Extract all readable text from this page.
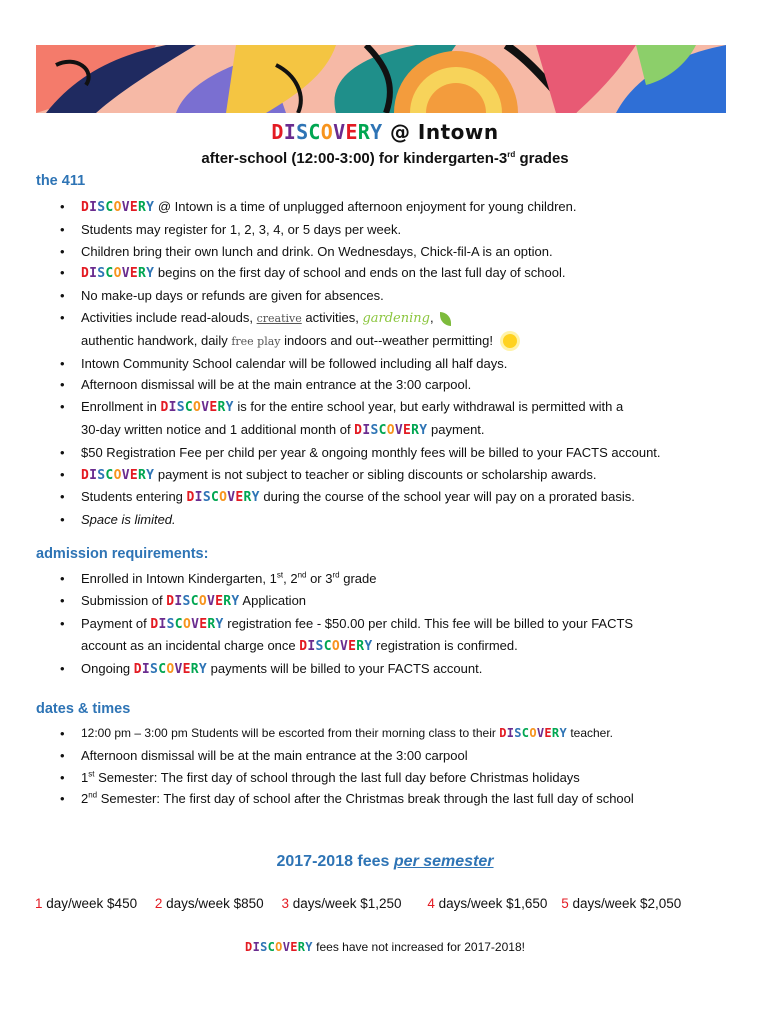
DISCOVERY @ Intown
after-school (12:00-3:00) for kindergarten-3rd grades
the 411
• DISCOVERY @ Intown is a time of unplugged afternoon enjoyment for young children.
• Students may register for 1, 2, 3, 4, or 5 days per week.
• Children bring their own lunch and drink. On Wednesdays, Chick-fil-A is an option.
• DISCOVERY begins on the first day of school and ends on the last full day of school.
• No make-up days or refunds are given for absences.
• Activities include read-alouds, creative activities, gardening,
authentic handwork, daily free play indoors and out--weather permitting!
• Intown Community School calendar will be followed including all half days.
• Afternoon dismissal will be at the main entrance at the 3:00 carpool.
• Enrollment in DISCOVERY is for the entire school year, but early withdrawal is permitted with a
30-day written notice and 1 additional month of DISCOVERY payment.
• $50 Registration Fee per child per year & ongoing monthly fees will be billed to your FACTS account.
• DISCOVERY payment is not subject to teacher or sibling discounts or scholarship awards.
• Students entering DISCOVERY during the course of the school year will pay on a prorated basis.
• Space is limited.
admission requirements:
• Enrolled in Intown Kindergarten, 1st, 2nd or 3rd grade
• Submission of DISCOVERY Application
• Payment of DISCOVERY registration fee - $50.00 per child. This fee will be billed to your FACTS
account as an incidental charge once DISCOVERY registration is confirmed.
• Ongoing DISCOVERY payments will be billed to your FACTS account.
dates & times
• 12:00 pm – 3:00 pm Students will be escorted from their morning class to their DISCOVERY teacher.
• Afternoon dismissal will be at the main entrance at the 3:00 carpool
• 1st Semester: The first day of school through the last full day before Christmas holidays
• 2nd Semester: The first day of school after the Christmas break through the last full day of school
2017-2018 fees per semester
1 day/week $450 2 days/week $850 3 days/week $1,250 4 days/week $1,650 5 days/week $2,050
DISCOVERY fees have not increased for 2017-2018!
